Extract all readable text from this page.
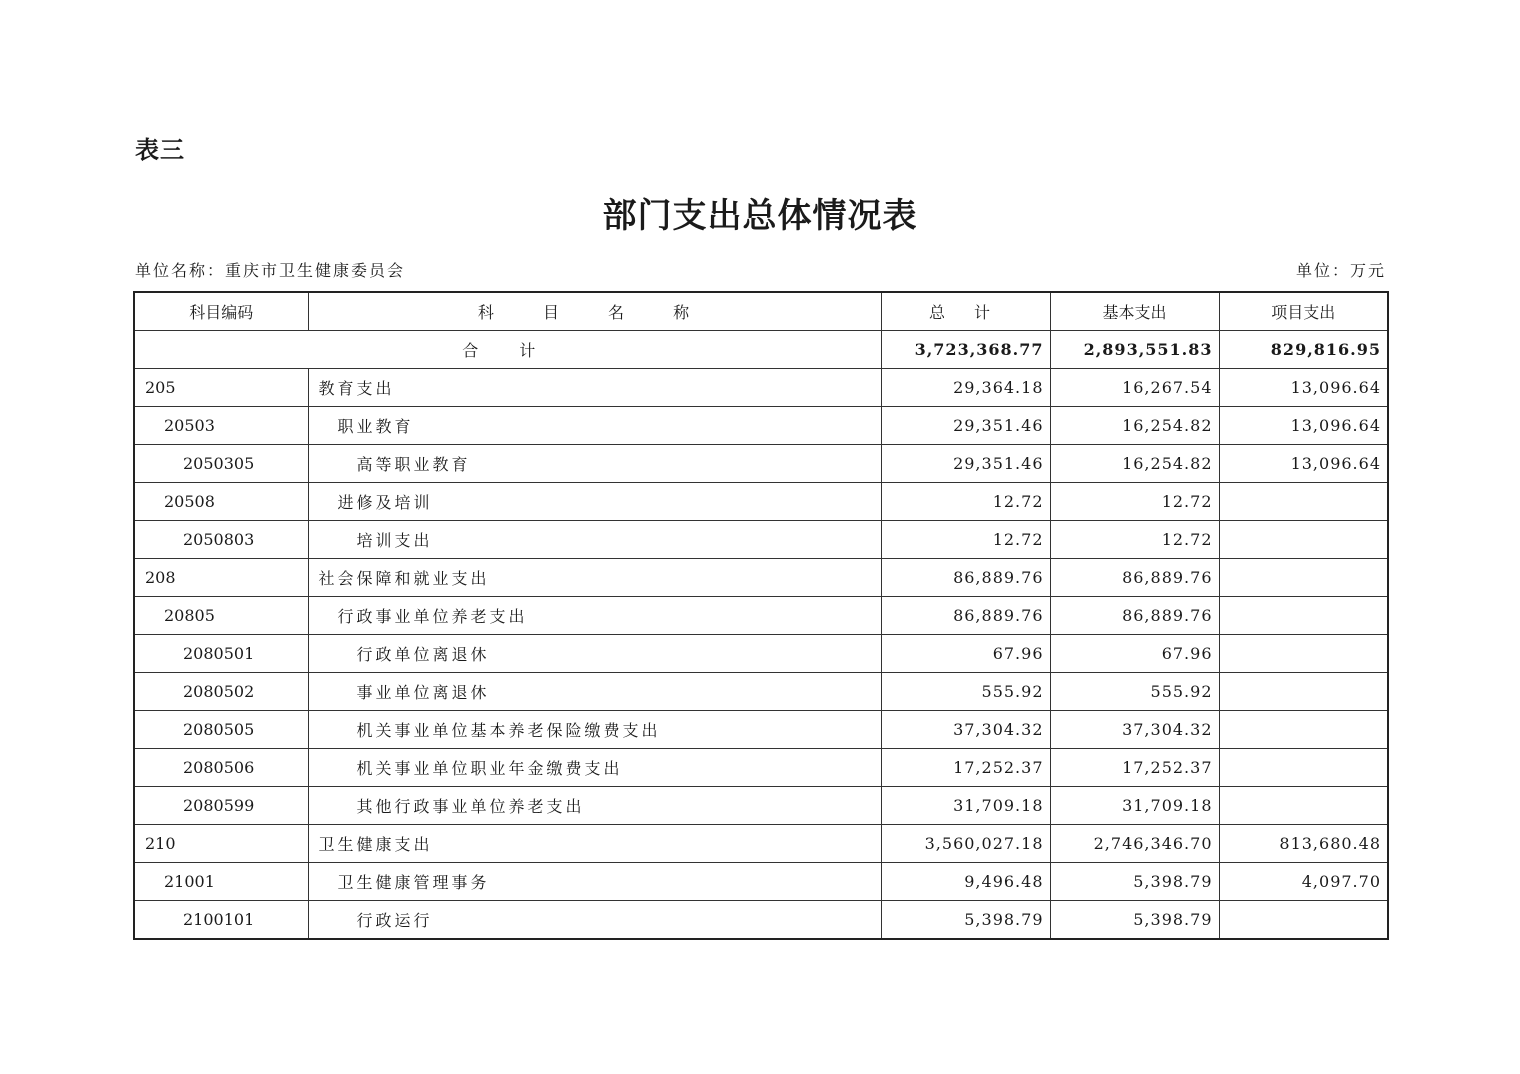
表三
部门支出总体情况表
单位名称：重庆市卫生健康委员会	单位：万元
科目编码	科 目 名 称	总 计	基本支出	项目支出
合 计		3,723,368.77	2,893,551.83	829,816.95
205	教育支出	29,364.18	16,267.54	13,096.64
20503	职业教育	29,351.46	16,254.82	13,096.64
2050305	高等职业教育	29,351.46	16,254.82	13,096.64
20508	进修及培训	12.72	12.72	
2050803	培训支出	12.72	12.72	
208	社会保障和就业支出	86,889.76	86,889.76	
20805	行政事业单位养老支出	86,889.76	86,889.76	
2080501	行政单位离退休	67.96	67.96	
2080502	事业单位离退休	555.92	555.92	
2080505	机关事业单位基本养老保险缴费支出	37,304.32	37,304.32	
2080506	机关事业单位职业年金缴费支出	17,252.37	17,252.37	
2080599	其他行政事业单位养老支出	31,709.18	31,709.18	
210	卫生健康支出	3,560,027.18	2,746,346.70	813,680.48
21001	卫生健康管理事务	9,496.48	5,398.79	4,097.70
2100101	行政运行	5,398.79	5,398.79	
